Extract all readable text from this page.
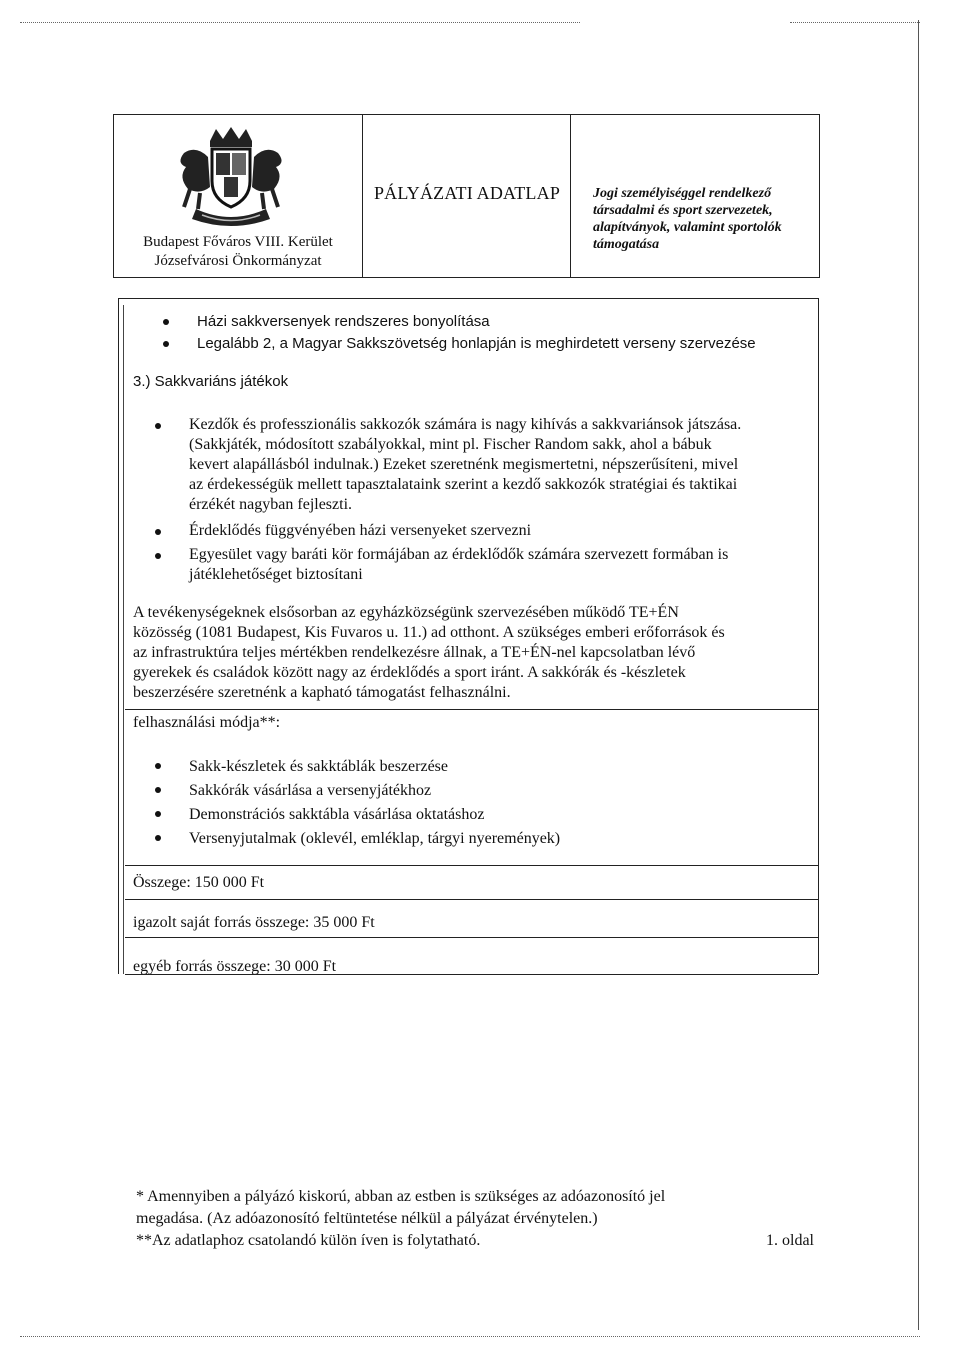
Budapest Főváros VIII. Kerület
Józsefvárosi Önkormányzat
PÁLYÁZATI ADATLAP	Jogi személyiséggel rendelkező
társadalmi és sport szervezetek,
alapítványok, valamint sportolók
támogatása
Házi sakkversenyek rendszeres bonyolítása
Legalább 2, a Magyar Sakkszövetség honlapján is meghirdetett verseny szervezése
3.) Sakkvariáns játékok
Kezdők és professzionális sakkozók számára is nagy kihívás a sakkvariánsok játszása.
(Sakkjáték, módosított szabályokkal, mint pl. Fischer Random sakk, ahol a bábuk
kevert alapállásból indulnak.) Ezeket szeretnénk megismertetni, népszerűsíteni, mivel
az érdekességük mellett tapasztalataink szerint a kezdő sakkozók stratégiai és taktikai
érzékét nagyban fejleszti.
Érdeklődés függvényében házi versenyeket szervezni
Egyesület vagy baráti kör formájában az érdeklődők számára szervezett formában is
játéklehetőséget biztosítani
A tevékenységeknek elsősorban az egyházközségünk szervezésében működő TE+ÉN
közösség (1081 Budapest, Kis Fuvaros u. 11.) ad otthont. A szükséges emberi erőforrások és
az infrastruktúra teljes mértékben rendelkezésre állnak, a TE+ÉN-nel kapcsolatban lévő
gyerekek és családok között nagy az érdeklődés a sport iránt. A sakkórák és -készletek
beszerzésére szeretnénk a kapható támogatást felhasználni.
felhasználási módja**:
Sakk-készletek és sakktáblák beszerzése
Sakkórák vásárlása a versenyjátékhoz
Demonstrációs sakktábla vásárlása oktatáshoz
Versenyjutalmak (oklevél, emléklap, tárgyi nyeremények)
Összege: 150 000 Ft
igazolt saját forrás összege: 35 000 Ft
egyéb forrás összege: 30 000 Ft
* Amennyiben a pályázó kiskorú, abban az estben is szükséges az adóazonosító jel
megadása. (Az adóazonosító feltüntetése nélkül a pályázat érvénytelen.)
**Az adatlaphoz csatolandó külön íven is folytatható.	1. oldal
